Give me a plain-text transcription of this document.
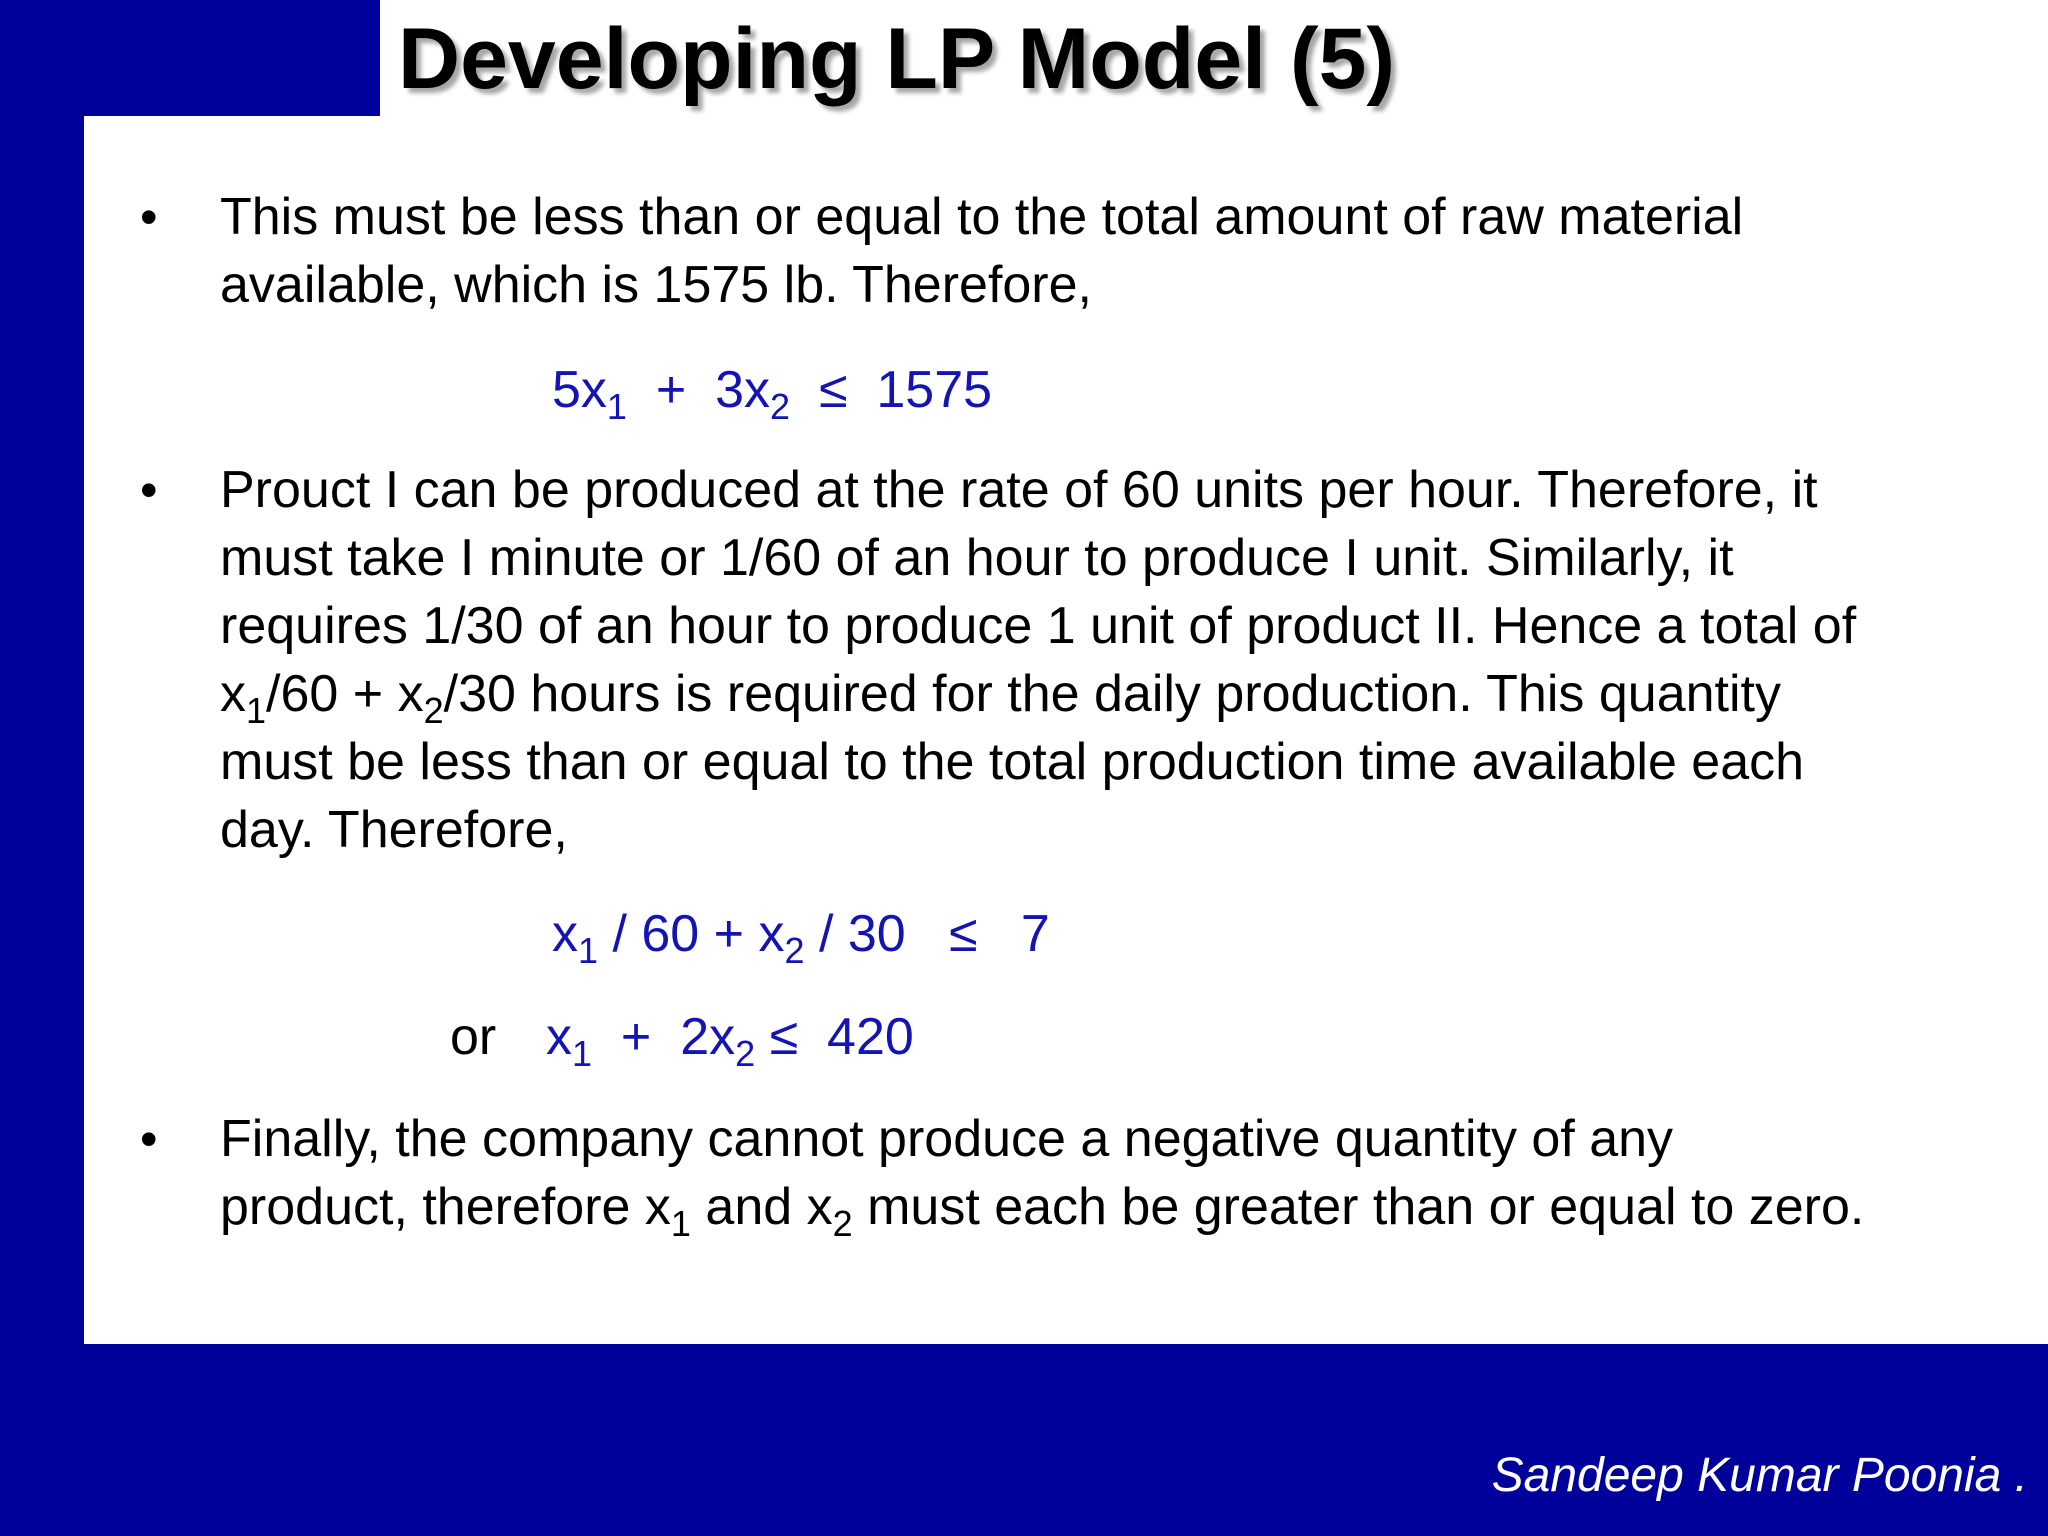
Developing LP Model (5)
• This must be less than or equal to the total amount of raw material
available, which is 1575 lb. Therefore,
$5x_1 + 3x_2 \le 1575$
• Prouct I can be produced at the rate of 60 units per hour. Therefore, it
must take I minute or 1/60 of an hour to produce I unit. Similarly, it
requires 1/30 of an hour to produce 1 unit of product II. Hence a total of
$x_1/60 + x_2/30$ hours is required for the daily production. This quantity
must be less than or equal to the total production time available each
day. Therefore,
$x_1 / 60 + x_2 / 30 \le 7$
or $x_1 + 2x_2 \le 420$
• Finally, the company cannot produce a negative quantity of any
product, therefore $x_1$ and $x_2$ must each be greater than or equal to zero.
Sandeep Kumar Poonia .
